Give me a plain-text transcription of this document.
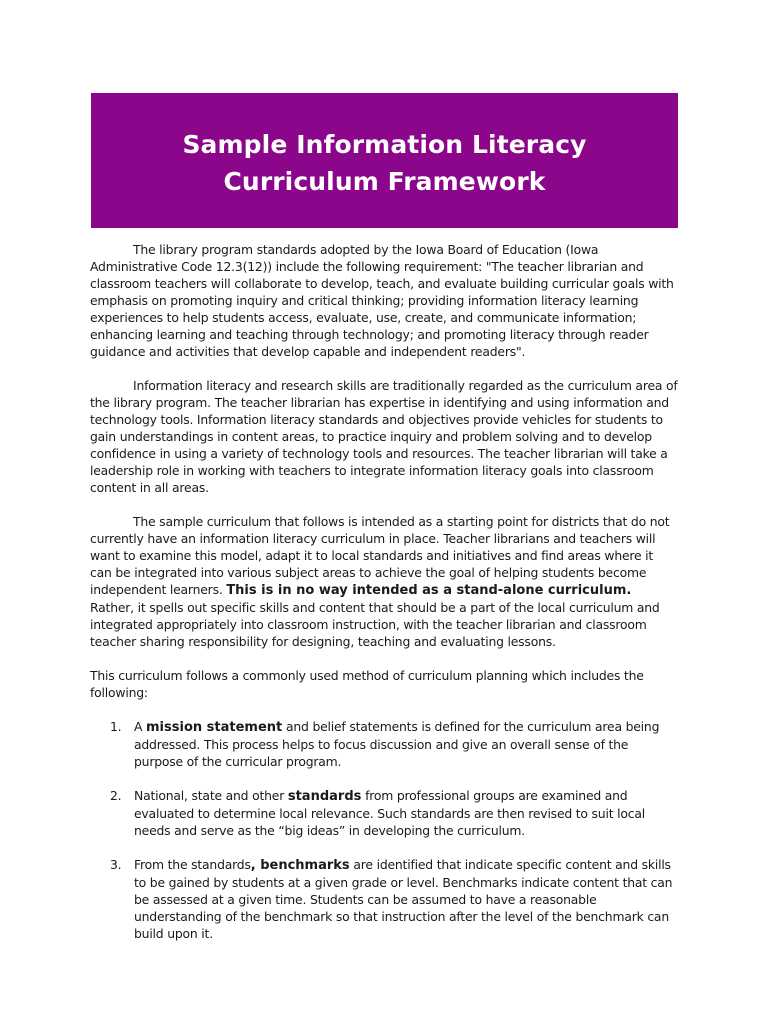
Sample Information Literacy
Curriculum Framework

The library program standards adopted by the Iowa Board of Education (Iowa Administrative Code 12.3(12)) include the following requirement: "The teacher librarian and classroom teachers will collaborate to develop, teach, and evaluate building curricular goals with emphasis on promoting inquiry and critical thinking; providing information literacy learning experiences to help students access, evaluate, use, create, and communicate information; enhancing learning and teaching through technology; and promoting literacy through reader guidance and activities that develop capable and independent readers".

Information literacy and research skills are traditionally regarded as the curriculum area of the library program. The teacher librarian has expertise in identifying and using information and technology tools. Information literacy standards and objectives provide vehicles for students to gain understandings in content areas, to practice inquiry and problem solving and to develop confidence in using a variety of technology tools and resources. The teacher librarian will take a leadership role in working with teachers to integrate information literacy goals into classroom content in all areas.

The sample curriculum that follows is intended as a starting point for districts that do not currently have an information literacy curriculum in place. Teacher librarians and teachers will want to examine this model, adapt it to local standards and initiatives and find areas where it can be integrated into various subject areas to achieve the goal of helping students become independent learners. This is in no way intended as a stand-alone curriculum. Rather, it spells out specific skills and content that should be a part of the local curriculum and integrated appropriately into classroom instruction, with the teacher librarian and classroom teacher sharing responsibility for designing, teaching and evaluating lessons.

This curriculum follows a commonly used method of curriculum planning which includes the following:

1. A mission statement and belief statements is defined for the curriculum area being addressed. This process helps to focus discussion and give an overall sense of the purpose of the curricular program.
2. National, state and other standards from professional groups are examined and evaluated to determine local relevance. Such standards are then revised to suit local needs and serve as the “big ideas” in developing the curriculum.
3. From the standards, benchmarks are identified that indicate specific content and skills to be gained by students at a given grade or level. Benchmarks indicate content that can be assessed at a given time. Students can be assumed to have a reasonable understanding of the benchmark so that instruction after the level of the benchmark can build upon it.
